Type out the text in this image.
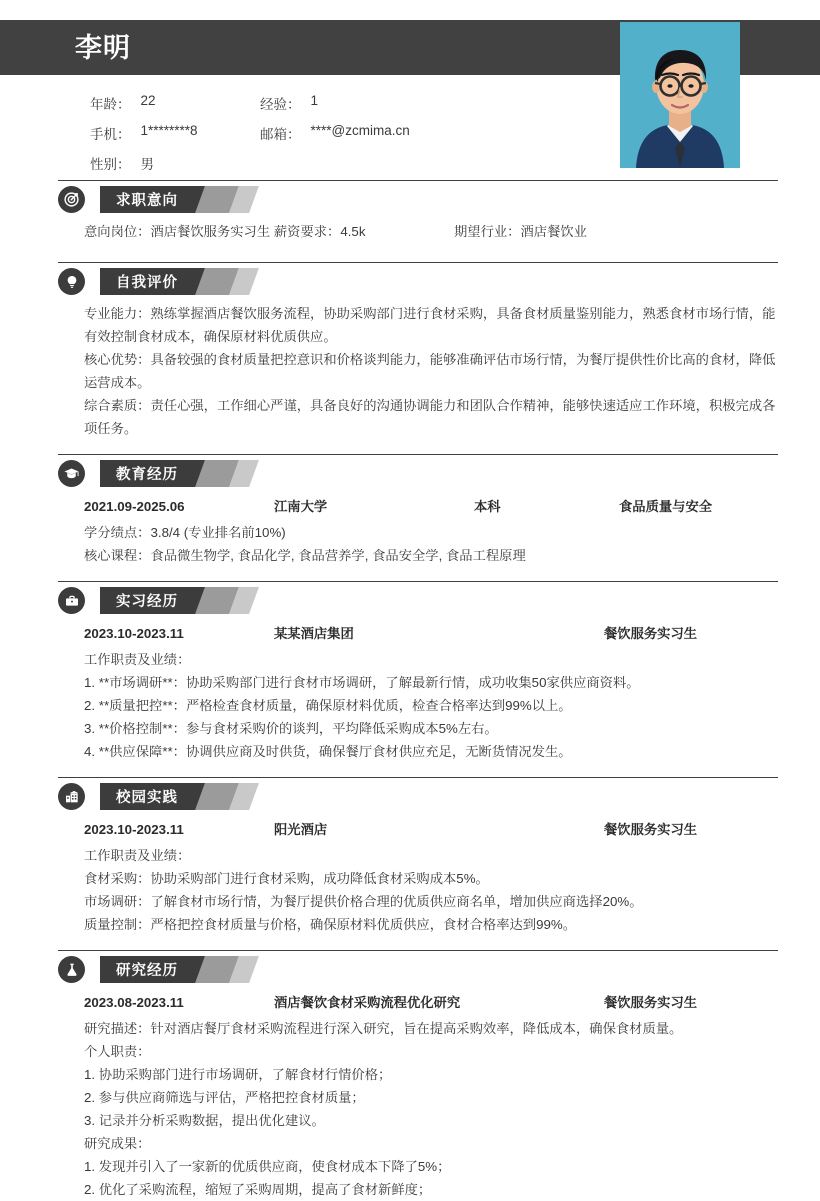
李明
年龄： 22	经验： 1
手机： 1********8	邮箱： ****@zcmima.cn
性别： 男
求职意向
意向岗位：酒店餐饮服务实习生 薪资要求：4.5k	期望行业：酒店餐饮业
自我评价
专业能力：熟练掌握酒店餐饮服务流程，协助采购部门进行食材采购，具备食材质量鉴别能力，熟悉食材市场行情，能有效控制食材成本，确保原材料优质供应。
核心优势：具备较强的食材质量把控意识和价格谈判能力，能够准确评估市场行情，为餐厅提供性价比高的食材，降低运营成本。
综合素质：责任心强，工作细心严谨，具备良好的沟通协调能力和团队合作精神，能够快速适应工作环境，积极完成各项任务。
教育经历
2021.09-2025.06	江南大学	本科	食品质量与安全
学分绩点：3.8/4 (专业排名前10%)
核心课程：食品微生物学, 食品化学, 食品营养学, 食品安全学, 食品工程原理
实习经历
2023.10-2023.11	某某酒店集团	餐饮服务实习生
工作职责及业绩：
1. **市场调研**：协助采购部门进行食材市场调研，了解最新行情，成功收集50家供应商资料。
2. **质量把控**：严格检查食材质量，确保原材料优质，检查合格率达到99%以上。
3. **价格控制**：参与食材采购价的谈判，平均降低采购成本5%左右。
4. **供应保障**：协调供应商及时供货，确保餐厅食材供应充足，无断货情况发生。
校园实践
2023.10-2023.11	阳光酒店	餐饮服务实习生
工作职责及业绩：
食材采购：协助采购部门进行食材采购，成功降低食材采购成本5%。
市场调研：了解食材市场行情，为餐厅提供价格合理的优质供应商名单，增加供应商选择20%。
质量控制：严格把控食材质量与价格，确保原材料优质供应，食材合格率达到99%。
研究经历
2023.08-2023.11	酒店餐饮食材采购流程优化研究	餐饮服务实习生
研究描述：针对酒店餐厅食材采购流程进行深入研究，旨在提高采购效率，降低成本，确保食材质量。
个人职责：
1. 协助采购部门进行市场调研，了解食材行情价格；
2. 参与供应商筛选与评估，严格把控食材质量；
3. 记录并分析采购数据，提出优化建议。
研究成果：
1. 发现并引入了一家新的优质供应商，使食材成本下降了5%；
2. 优化了采购流程，缩短了采购周期，提高了食材新鲜度；
